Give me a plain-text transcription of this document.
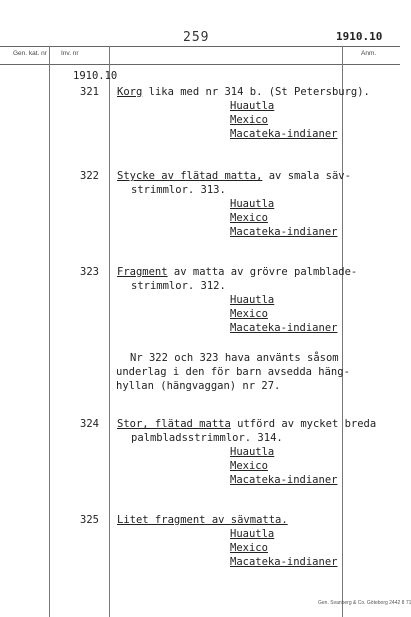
259	1910.10
Gen. kat. nr Inv. nr	Anm.
1910.10
321 Korg lika med nr 314 b. (St Petersburg).
Huautla
Mexico
Macateka-indianer
322 Stycke av flätad matta, av smala säv-
strimmlor. 313.
Huautla
Mexico
Macateka-indianer
323 Fragment av matta av grövre palmblade-
strimmlor. 312.
Huautla
Mexico
Macateka-indianer
Nr 322 och 323 hava använts såsom
underlag i den för barn avsedda häng-
hyllan (hängvaggan) nr 27.
324 Stor, flätad matta utförd av mycket breda
palmbladsstrimmlor. 314.
Huautla
Mexico
Macateka-indianer
325 Litet fragment av sävmatta.
Huautla
Mexico
Macateka-indianer
Gen. Svanberg & Co. Göteborg 2442 8 71
